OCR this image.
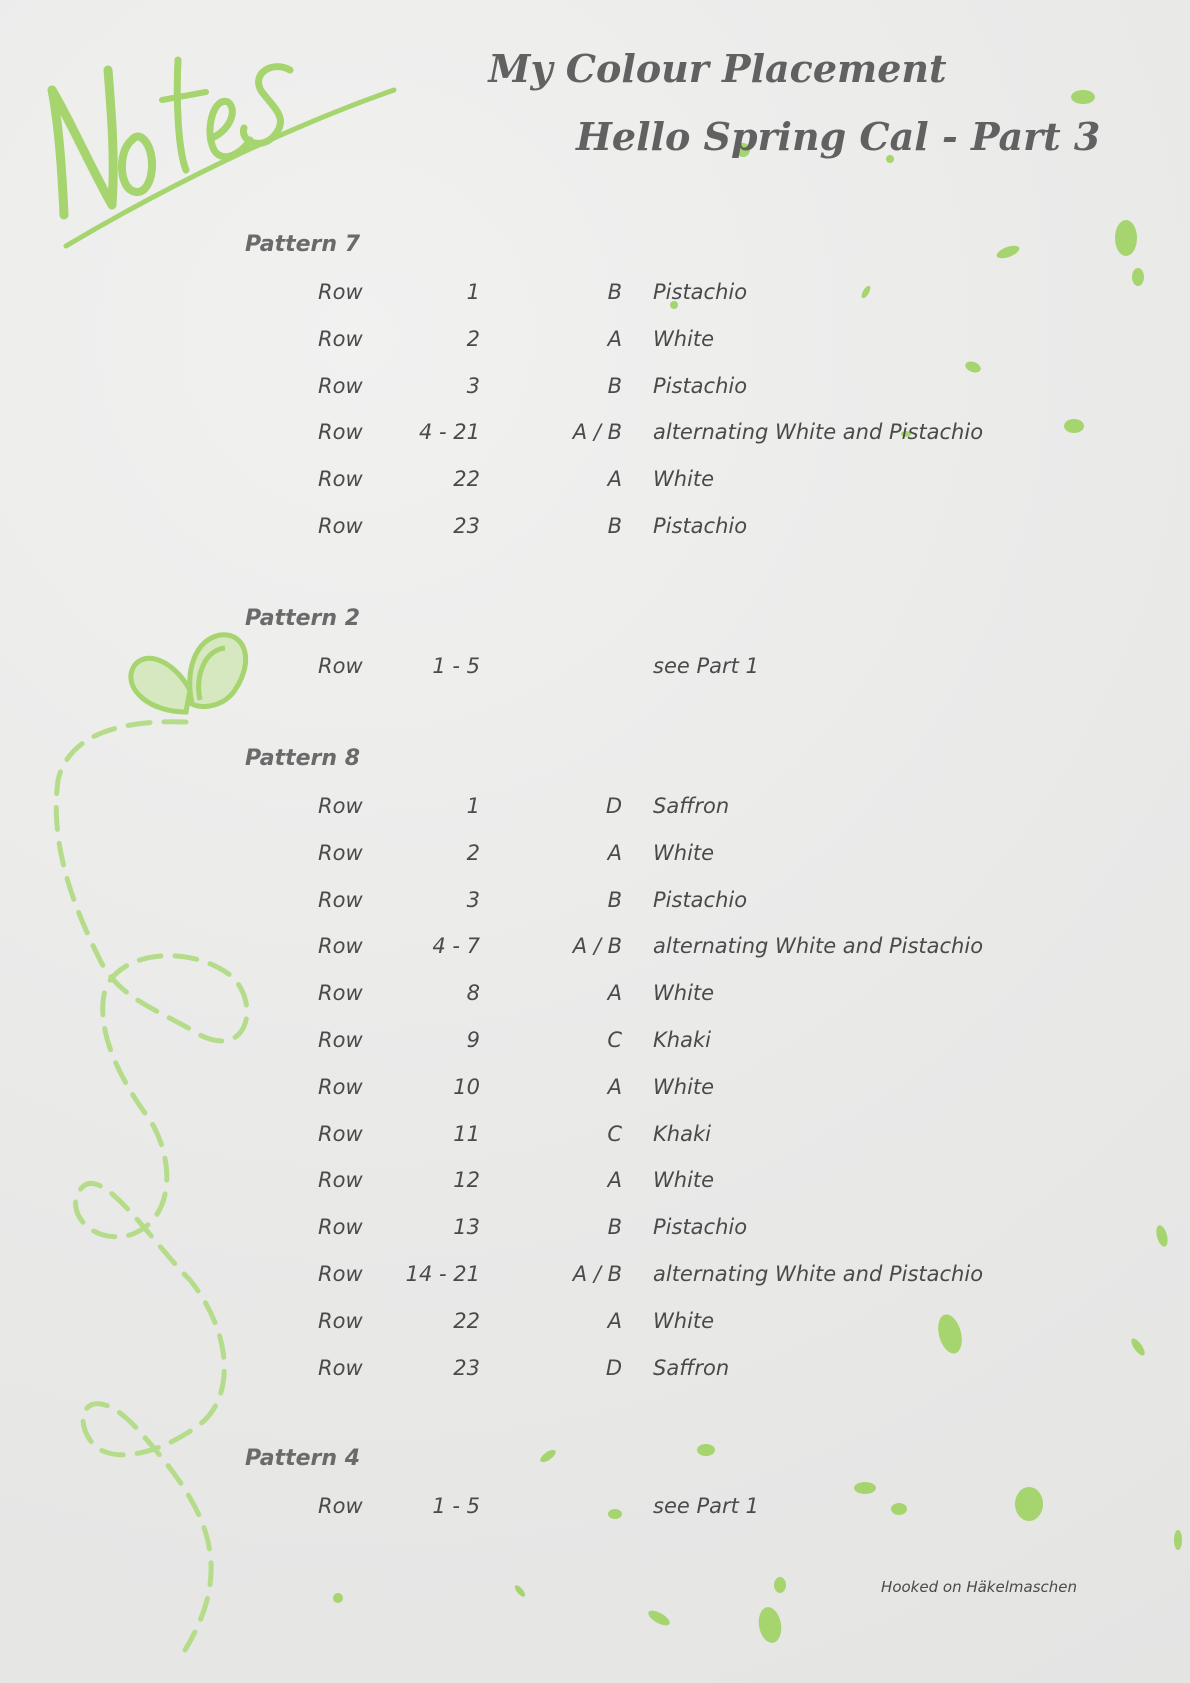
My Colour Placement
Hello Spring Cal - Part 3
Pattern 7
Row	1	B Pistachio
Row	2	A White
Row	3	B Pistachio
Row	4 - 21	A / B alternating White and Pistachio
Row	22	A White
Row	23	B Pistachio
Pattern 2
Row	1 - 5	see Part 1
Pattern 8
Row	1	D Saffron
Row	2	A White
Row	3	B Pistachio
Row	4 - 7	A / B alternating White and Pistachio
Row	8	A White
Row	9	C Khaki
Row	10	A White
Row	11	C Khaki
Row	12	A White
Row	13	B Pistachio
Row 14 - 21	A / B alternating White and Pistachio
Row	22	A White
Row	23	D Saffron
Pattern 4
Row	1 - 5	see Part 1
Hooked on Häkelmaschen
